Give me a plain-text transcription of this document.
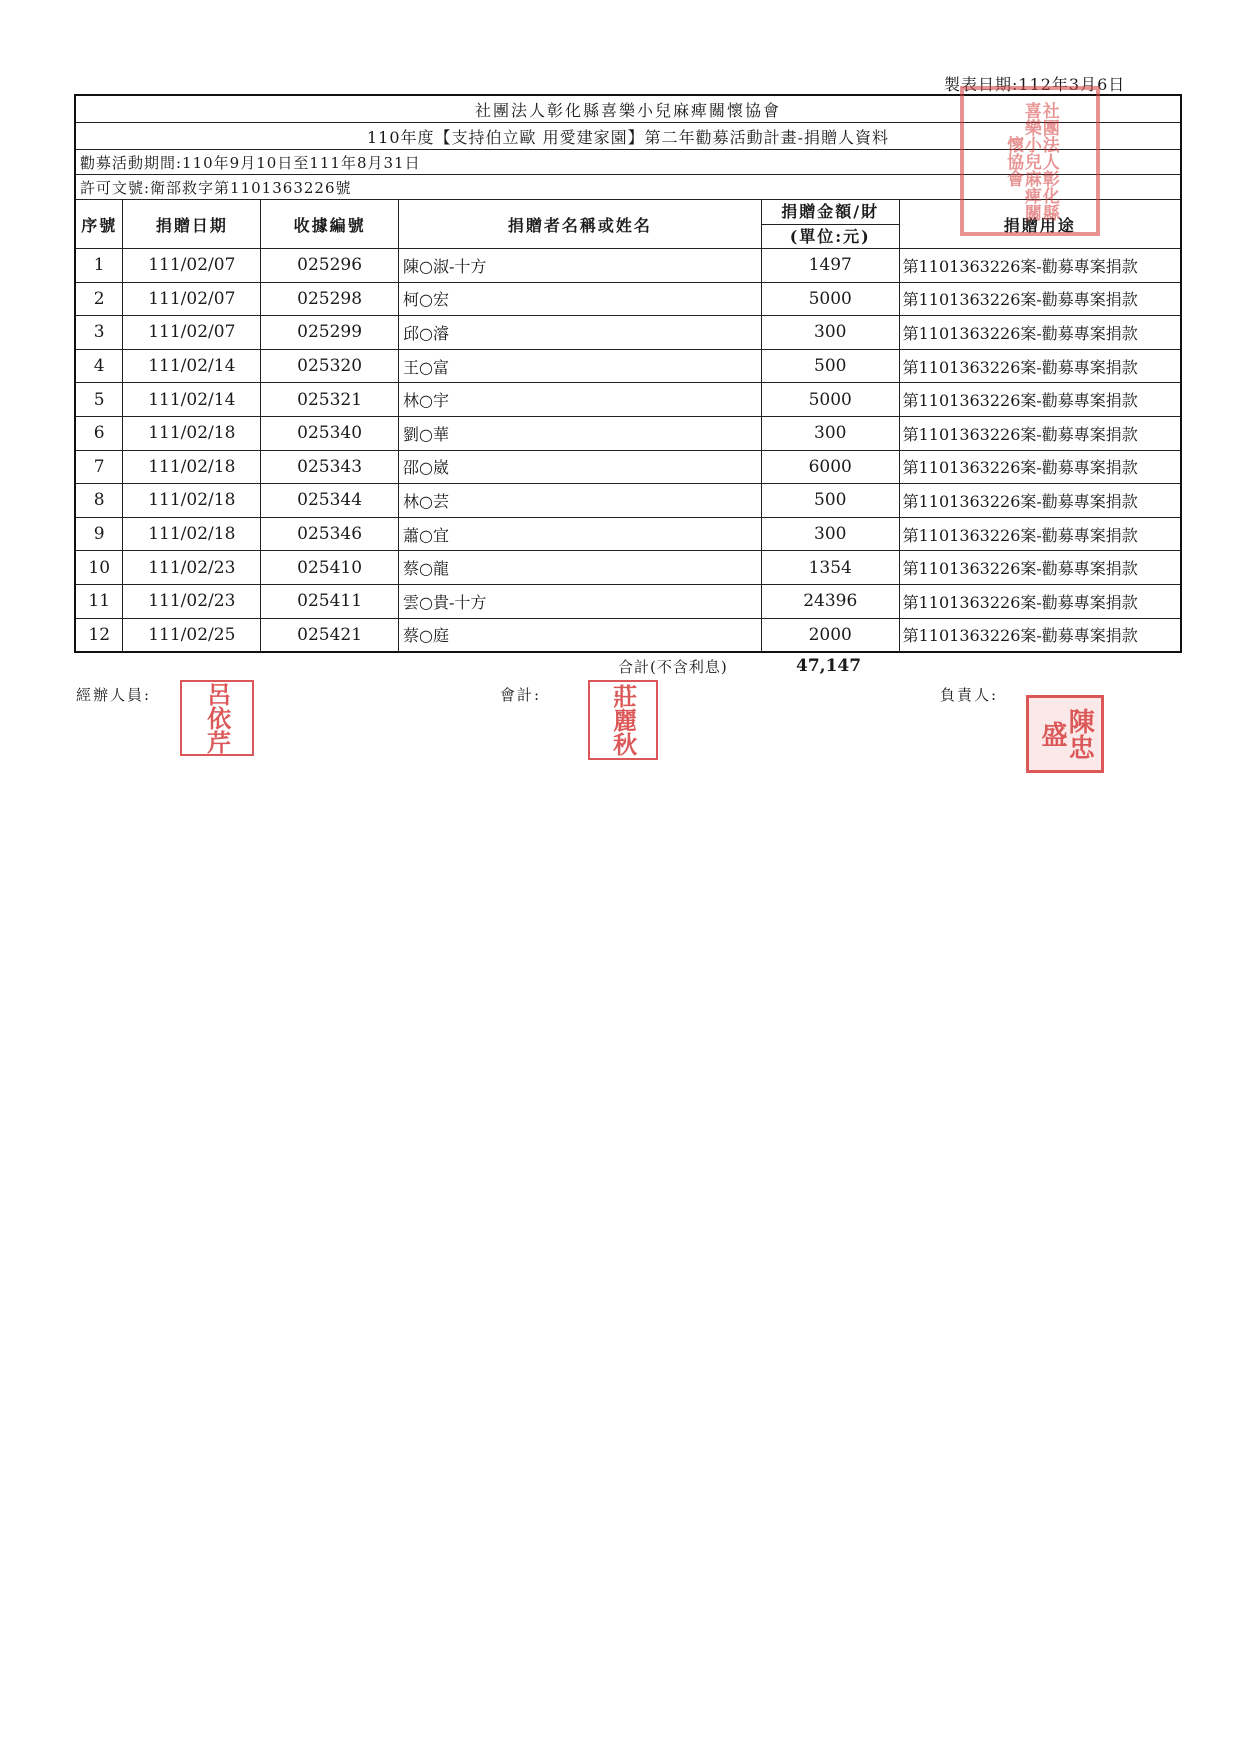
製表日期:112年3月6日
社團法人彰化縣喜樂小兒麻痺關懷協會					
110年度【支持伯立歐 用愛建家園】第二年勸募活動計畫-捐贈人資料					
勸募活動期間:110年9月10日至111年8月31日					
許可文號:衛部救字第1101363226號					
序號	捐贈日期	收據編號	捐贈者名稱或姓名	捐贈金額/財
(單位:元)	捐贈用途
1	111/02/07	025296	陳○淑-十方	1497	第1101363226案-勸募專案捐款
2	111/02/07	025298	柯○宏	5000	第1101363226案-勸募專案捐款
3	111/02/07	025299	邱○濬	300	第1101363226案-勸募專案捐款
4	111/02/14	025320	王○富	500	第1101363226案-勸募專案捐款
5	111/02/14	025321	林○宇	5000	第1101363226案-勸募專案捐款
6	111/02/18	025340	劉○華	300	第1101363226案-勸募專案捐款
7	111/02/18	025343	邵○崴	6000	第1101363226案-勸募專案捐款
8	111/02/18	025344	林○芸	500	第1101363226案-勸募專案捐款
9	111/02/18	025346	蕭○宜	300	第1101363226案-勸募專案捐款
10	111/02/23	025410	蔡○龍	1354	第1101363226案-勸募專案捐款
11	111/02/23	025411	雲○貴-十方	24396	第1101363226案-勸募專案捐款
12	111/02/25	025421	蔡○庭	2000	第1101363226案-勸募專案捐款
合計(不含利息)	47,147
經辦人員:	會計:	負責人:
社團法人彰化縣喜樂小兒麻痺關懷協會
呂依芹	莊麗秋	陳忠盛
